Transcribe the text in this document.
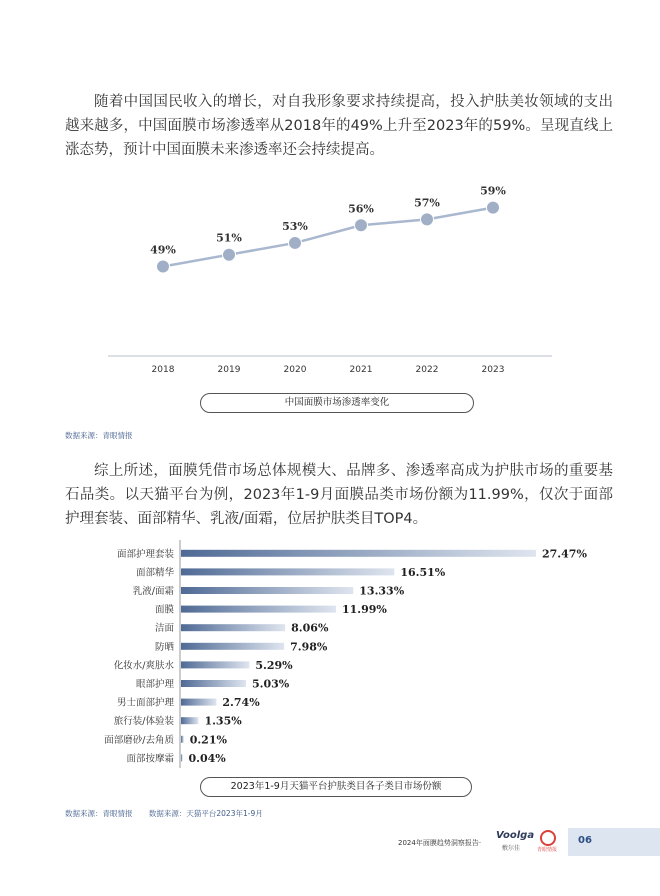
随着中国国民收入的增长，对自我形象要求持续提高，投入护肤美妆领域的支出越来越多，中国面膜市场渗透率从2018年的49%上升至2023年的59%。呈现直线上涨态势，预计中国面膜未来渗透率还会持续提高。

49%
2018
51%
2019
53%
2020
56%
2021
57%
2022
59%
2023
中国面膜市场渗透率变化
数据来源：青眼情报

综上所述，面膜凭借市场总体规模大、品牌多、渗透率高成为护肤市场的重要基石品类。以天猫平台为例，2023年1-9月面膜品类市场份额为11.99%，仅次于面部护理套装、面部精华、乳液/面霜，位居护肤类目TOP4。

面部护理套装	27.47%
面部精华	16.51%
乳液/面霜	13.33%
面膜	11.99%
洁面	8.06%
防晒	7.98%
化妆水/爽肤水	5.29%
眼部护理	5.03%
男士面部护理	2.74%
旅行装/体验装	1.35%
面部磨砂/去角质 0.21%
面部按摩霜 0.04%
2023年1-9月天猫平台护肤类目各子类目市场份额
数据来源：青眼情报 数据来源：天猫平台2023年1-9月
2024年面膜趋势洞察报告·
Voolga
敷尔佳	青眼情报
06
